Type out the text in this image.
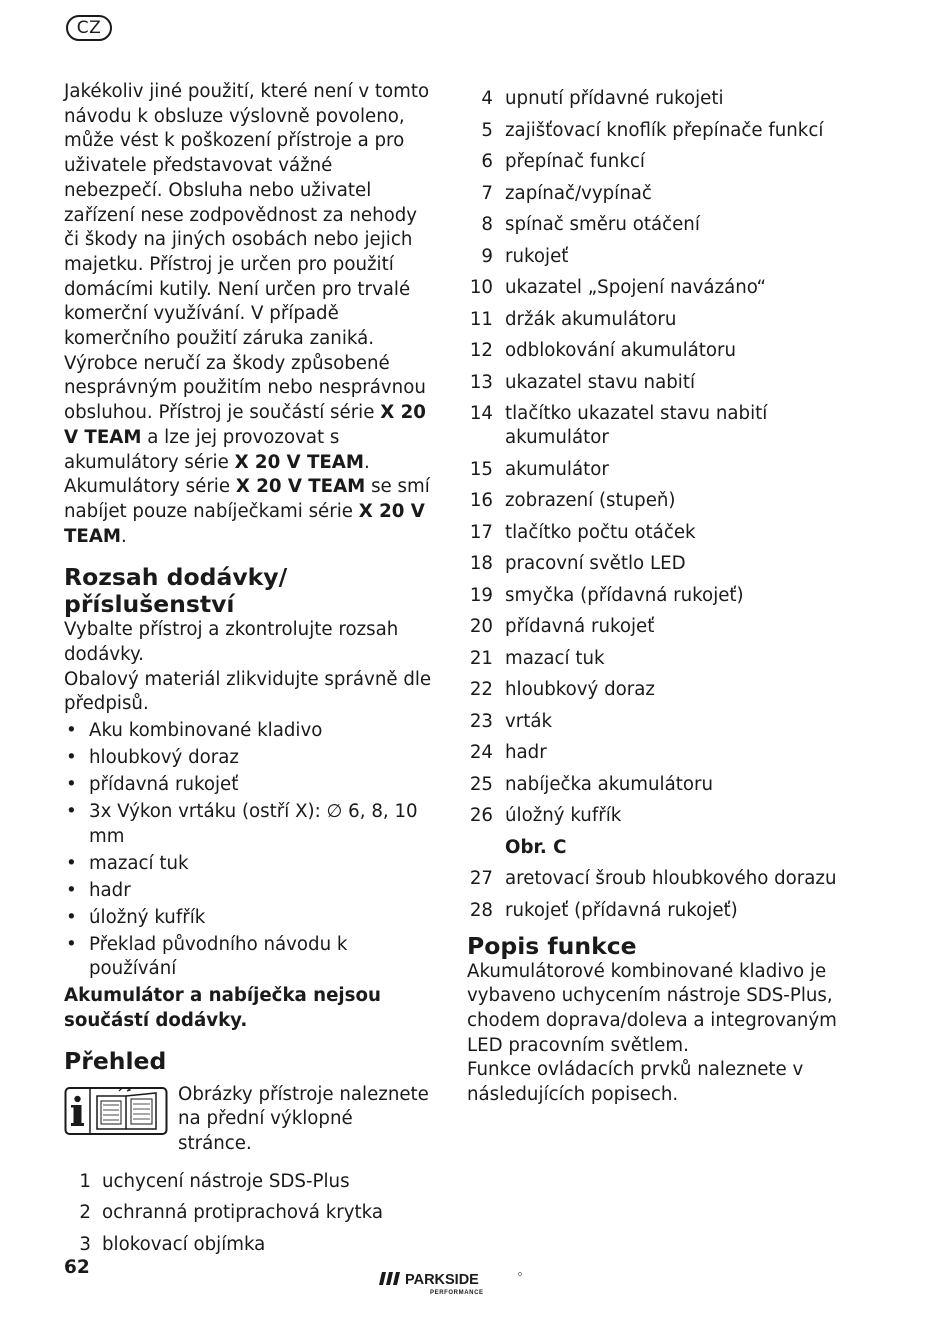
CZ

Jakékoliv jiné použití, které není v tomto návodu k obsluze výslovně povoleno, může vést k poškození přístroje a pro uživatele představovat vážné nebezpečí. Obsluha nebo uživatel zařízení nese zodpovědnost za nehody či škody na jiných osobách nebo jejich majetku. Přístroj je určen pro použití domácími kutily. Není určen pro trvalé komerční využívání. V případě komerčního použití záruka zaniká. Výrobce neručí za škody způsobené nesprávným použitím nebo nesprávnou obsluhou. Přístroj je součástí série X 20 V TEAM a lze jej provozovat s akumulátory série X 20 V TEAM. Akumulátory série X 20 V TEAM se smí nabíjet pouze nabíječkami série X 20 V TEAM.

Rozsah dodávky/ příslušenství

Vybalte přístroj a zkontrolujte rozsah dodávky.

Obalový materiál zlikvidujte správně dle předpisů.

• Aku kombinované kladivo
• hloubkový doraz
• přídavná rukojeť
• 3x Výkon vrtáku (ostří X): ∅ 6, 8, 10 mm
• mazací tuk
• hadr
• úložný kufřík
• Překlad původního návodu k používání
Akumulátor a nabíječka nejsou součástí dodávky.
Přehled

Obrázky přístroje naleznete na přední výklopné stránce.

1 uchycení nástroje SDS-Plus
2 ochranná protiprachová krytka
3 blokovací objímka
4 upnutí přídavné rukojeti
5 zajišťovací knoflík přepínače funkcí
6 přepínač funkcí
7 zapínač/vypínač
8 spínač směru otáčení
9 rukojeť
10 ukazatel „Spojení navázáno“
11 držák akumulátoru
12 odblokování akumulátoru
13 ukazatel stavu nabití
14 tlačítko ukazatel stavu nabití akumulátor
15 akumulátor
16 zobrazení (stupeň)
17 tlačítko počtu otáček
18 pracovní světlo LED
19 smyčka (přídavná rukojeť)
20 přídavná rukojeť
21 mazací tuk
22 hloubkový doraz
23 vrták
24 hadr
25 nabíječka akumulátoru
26 úložný kufřík
Obr. C
27 aretovací šroub hloubkového dorazu
28 rukojeť (přídavná rukojeť)
Popis funkce

Akumulátorové kombinované kladivo je vybaveno uchycením nástroje SDS-Plus, chodem doprava/doleva a integrovaným LED pracovním světlem.

Funkce ovládacích prvků naleznete v následujících popisech.

62
PARKSIDE
PERFORMANCE
